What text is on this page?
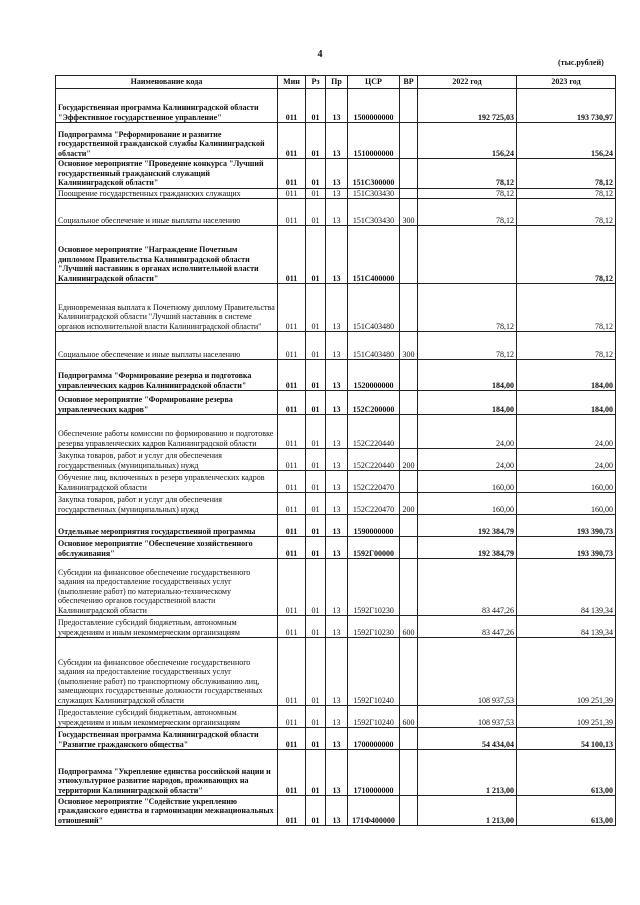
4
(тыс.рублей)
Наименование кода	Мин	Рз	Пр	ЦСР	ВР	2022 год	2023 год
Государственная программа Калининградской области "Эффективное государственное управление"	011	01	13	1500000000		192 725,03	193 730,97
Подпрограмма "Реформирование и развитие государственной гражданской службы Калининградской области"	011	01	13	1510000000		156,24	156,24
Основное мероприятие "Проведение конкурса "Лучший государственный гражданский служащий Калининградской области"	011	01	13	151С300000		78,12	78,12
Поощрение государственных гражданских служащих	011	01	13	151С303430		78,12	78,12
Социальное обеспечение и иные выплаты населению	011	01	13	151С303430	300	78,12	78,12
Основное мероприятие "Награждение Почетным дипломом Правительства Калининградской области "Лучший наставник в органах исполнительной власти Калининградской области"	011	01	13	151С400000			78,12
Единовременная выплата к Почетному диплому Правительства Калининградской области "Лучший наставник в системе органов исполнительной власти Калининградской области"	011	01	13	151С403480		78,12	78,12
Социальное обеспечение и иные выплаты населению	011	01	13	151С403480	300	78,12	78,12
Подпрограмма "Формирование резерва и подготовка управленческих кадров Калининградской области"	011	01	13	1520000000		184,00	184,00
Основное мероприятие "Формирование резерва управленческих кадров"	011	01	13	152С200000		184,00	184,00
Обеспечение работы комиссии по формированию и подготовке резерва управленческих кадров Калининградской области	011	01	13	152С220440		24,00	24,00
Закупка товаров, работ и услуг для обеспечения государственных (муниципальных) нужд	011	01	13	152С220440	200	24,00	24,00
Обучение лиц, включенных в резерв управленческих кадров Калининградской области	011	01	13	152С220470		160,00	160,00
Закупка товаров, работ и услуг для обеспечения государственных (муниципальных) нужд	011	01	13	152С220470	200	160,00	160,00
Отдельные мероприятия государственной программы	011	01	13	1590000000		192 384,79	193 390,73
Основное мероприятие "Обеспечение хозяйственного обслуживания"	011	01	13	1592Г00000		192 384,79	193 390,73
Субсидии на финансовое обеспечение государственного задания на предоставление государственных услуг (выполнение работ) по материально-техническому обеспечению органов государственной власти Калининградской области	011	01	13	1592Г10230		83 447,26	84 139,34
Предоставление субсидий бюджетным, автономным учреждениям и иным некоммерческим организациям	011	01	13	1592Г10230	600	83 447,26	84 139,34
Субсидии на финансовое обеспечение государственного задания на предоставление государственных услуг (выполнение работ) по транспортному обслуживанию лиц, замещающих государственные должности государственных служащих Калининградской области	011	01	13	1592Г10240		108 937,53	109 251,39
Предоставление субсидий бюджетным, автономным учреждениям и иным некоммерческим организациям	011	01	13	1592Г10240	600	108 937,53	109 251,39
Государственная программа Калининградской области "Развитие гражданского общества"	011	01	13	1700000000		54 434,04	54 100,13
Подпрограмма "Укрепление единства российской нации и этнокультурное развитие народов, проживающих на территории Калининградской области"	011	01	13	1710000000		1 213,00	613,00
Основное мероприятие "Содействие укреплению гражданского единства и гармонизации межнациональных отношений"	011	01	13	171Ф400000		1 213,00	613,00
